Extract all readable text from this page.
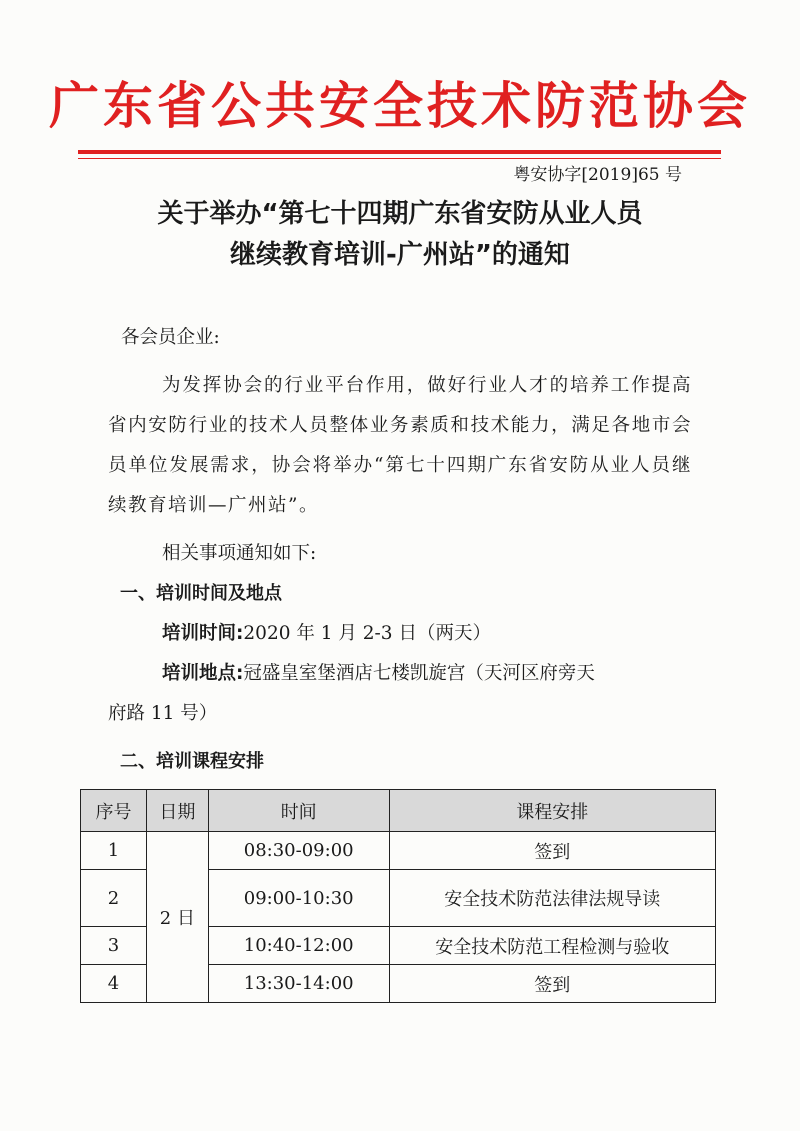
广东省公共安全技术防范协会
粤安协字[2019]65 号
关于举办“第七十四期广东省安防从业人员
继续教育培训-广州站”的通知

各会员企业:

为发挥协会的行业平台作用，做好行业人才的培养工作提高省内安防行业的技术人员整体业务素质和技术能力，满足各地市会员单位发展需求，协会将举办“第七十四期广东省安防从业人员继续教育培训—广州站”。

相关事项通知如下:

一、培训时间及地点

培训时间:2020 年 1 月 2-3 日（两天）

培训地点:冠盛皇室堡酒店七楼凯旋宫（天河区府旁天
府路 11 号）

二、培训课程安排

序号	日期	时间	课程安排
1	2 日	08:30-09:00	签到
2		09:00-10:30	安全技术防范法律法规导读
3		10:40-12:00	安全技术防范工程检测与验收
4		13:30-14:00	签到
